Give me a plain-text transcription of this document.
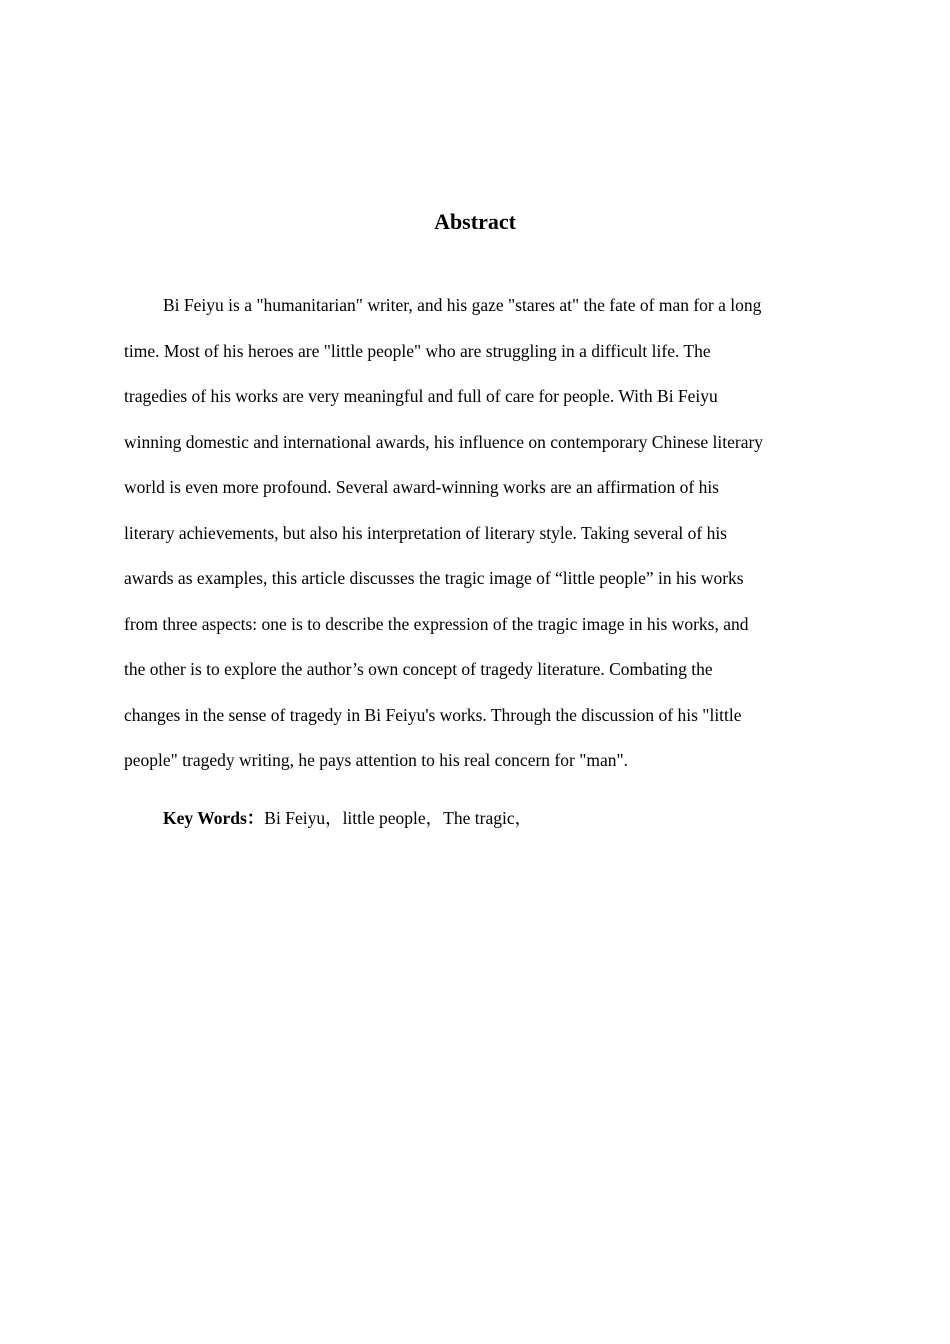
Abstract

Bi Feiyu is a "humanitarian" writer, and his gaze "stares at" the fate of man for a long
time. Most of his heroes are "little people" who are struggling in a difficult life. The
tragedies of his works are very meaningful and full of care for people. With Bi Feiyu
winning domestic and international awards, his influence on contemporary Chinese literary
world is even more profound. Several award-winning works are an affirmation of his
literary achievements, but also his interpretation of literary style. Taking several of his
awards as examples, this article discusses the tragic image of “little people” in his works
from three aspects: one is to describe the expression of the tragic image in his works, and
the other is to explore the author’s own concept of tragedy literature. Combating the
changes in the sense of tragedy in Bi Feiyu's works. Through the discussion of his "little
people" tragedy writing, he pays attention to his real concern for "man".

Key Words：Bi Feiyu，little people，The tragic，
